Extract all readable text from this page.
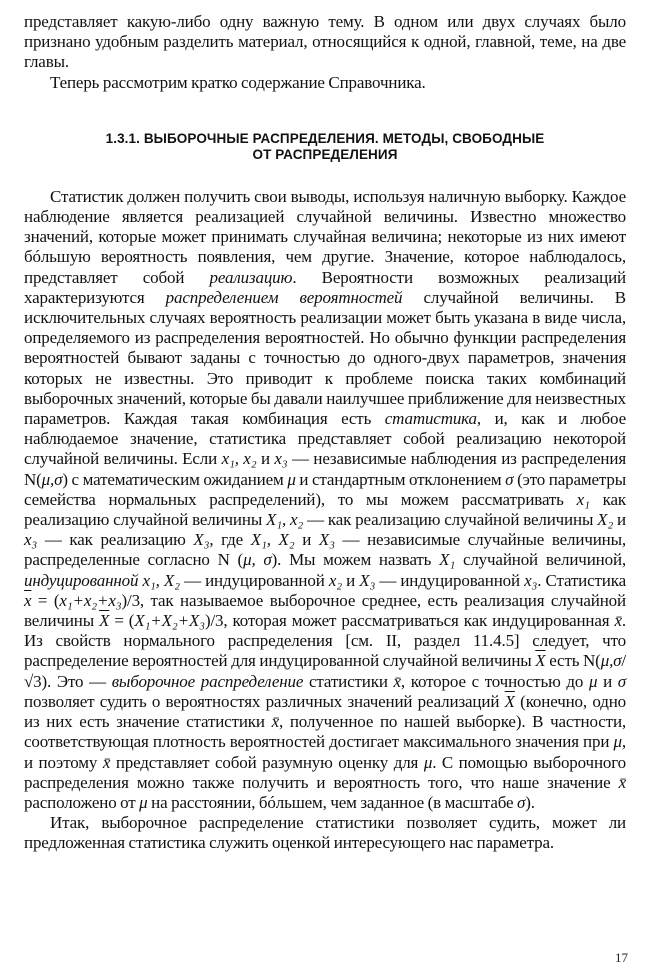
представляет какую-либо одну важную тему. В одном или двух случаях было признано удобным разделить материал, относящийся к одной, главной, теме, на две главы.

Теперь рассмотрим кратко содержание Справочника.

1.3.1. ВЫБОРОЧНЫЕ РАСПРЕДЕЛЕНИЯ. МЕТОДЫ, СВОБОДНЫЕ
ОТ РАСПРЕДЕЛЕНИЯ

Статистик должен получить свои выводы, используя наличную выборку. Каждое наблюдение является реализацией случайной величины. Известно множество значений, которые может принимать случайная величина; некоторые из них имеют бóльшую вероятность появления, чем другие. Значение, которое наблюдалось, представляет собой реализацию. Вероятности возможных реализаций характеризуются распределением вероятностей случайной величины. В исключительных случаях вероятность реализации может быть указана в виде числа, определяемого из распределения вероятностей. Но обычно функции распределения вероятностей бывают заданы с точностью до одного-двух параметров, значения которых не известны. Это приводит к проблеме поиска таких комбинаций выборочных значений, которые бы давали наилучшее приближение для неизвестных параметров. Каждая такая комбинация есть статистика, и, как и любое наблюдаемое значение, статистика представляет собой реализацию некоторой случайной величины. Если x₁, x₂ и x₃ — независимые наблюдения из распределения N(μ,σ) с математическим ожиданием μ и стандартным отклонением σ (это параметры семейства нормальных распределений), то мы можем рассматривать x₁ как реализацию случайной величины X₁, x₂ — как реализацию случайной величины X₂ и x₃ — как реализацию X₃, где X₁, X₂ и X₃ — независимые случайные величины, распределенные согласно N (μ, σ). Мы можем назвать X₁ случайной величиной, индуцированной x₁, X₂ — индуцированной x₂ и X₃ — индуцированной x₃. Статистика $\overline{x} = (x_1+x_2+x_3)/3$, так называемое выборочное среднее, есть реализация случайной величины $\overline{X} = (X_1+X_2+X_3)/3$, которая может рассматриваться как индуцированная x̄. Из свойств нормального распределения [см. II, раздел 11.4.5] следует, что распределение вероятностей для индуцированной случайной величины $\overline{X}$ есть N(μ,σ/√3). Это — выборочное распределение статистики x̄, которое с точностью до μ и σ позволяет судить о вероятностях различных значений реализаций $\overline{X}$ (конечно, одно из них есть значение статистики x̄, полученное по нашей выборке). В частности, соответствующая плотность вероятностей достигает максимального значения при μ, и поэтому x̄ представляет собой разумную оценку для μ. С помощью выборочного распределения можно также получить и вероятность того, что наше значение x̄ расположено от μ на расстоянии, бóльшем, чем заданное (в масштабе σ).

Итак, выборочное распределение статистики позволяет судить, может ли предложенная статистика служить оценкой интересующего нас параметра.

17
